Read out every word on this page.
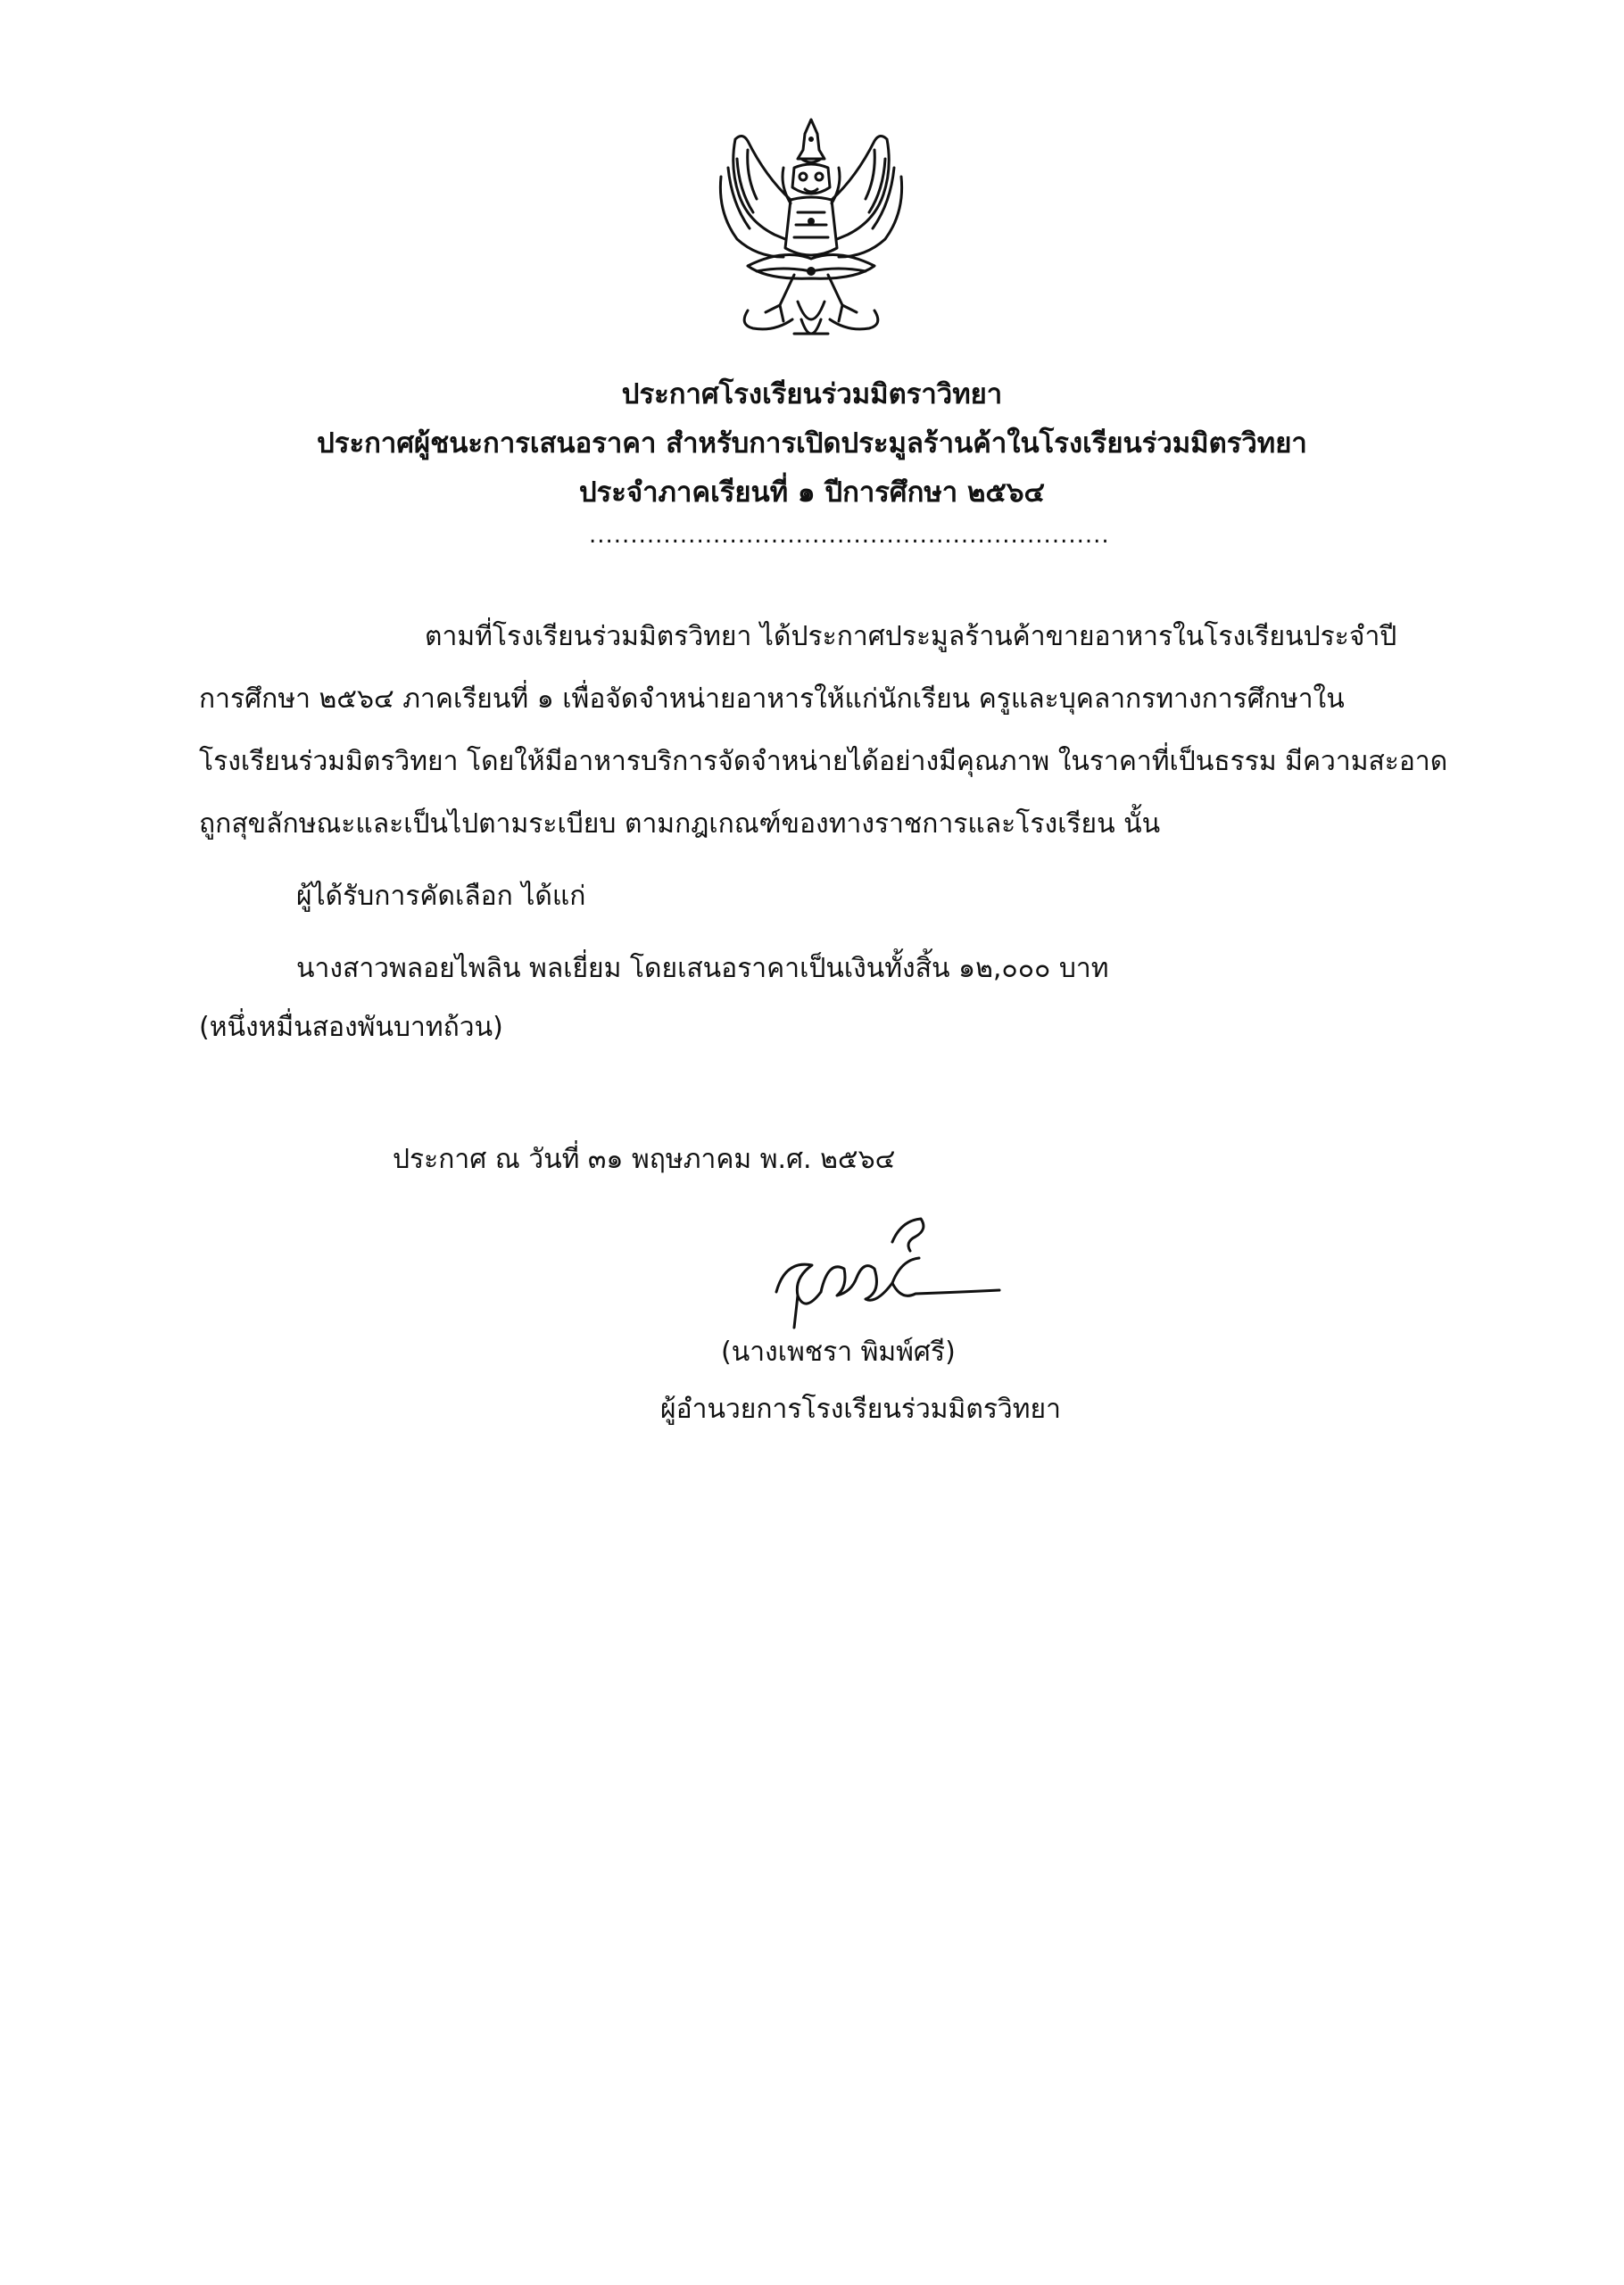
ประกาศโรงเรียนร่วมมิตราวิทยา
ประกาศผู้ชนะการเสนอราคา สำหรับการเปิดประมูลร้านค้าในโรงเรียนร่วมมิตรวิทยา
ประจำภาคเรียนที่ ๑ ปีการศึกษา ๒๕๖๔
...............................................................
ตามที่โรงเรียนร่วมมิตรวิทยา ได้ประกาศประมูลร้านค้าขายอาหารในโรงเรียนประจำปี
การศึกษา ๒๕๖๔ ภาคเรียนที่ ๑ เพื่อจัดจำหน่ายอาหารให้แก่นักเรียน ครูและบุคลากรทางการศึกษาใน
โรงเรียนร่วมมิตรวิทยา โดยให้มีอาหารบริการจัดจำหน่ายได้อย่างมีคุณภาพ ในราคาที่เป็นธรรม มีความสะอาด
ถูกสุขลักษณะและเป็นไปตามระเบียบ ตามกฎเกณฑ์ของทางราชการและโรงเรียน นั้น
ผู้ได้รับการคัดเลือก ได้แก่
นางสาวพลอยไพลิน พลเยี่ยม โดยเสนอราคาเป็นเงินทั้งสิ้น ๑๒,๐๐๐ บาท
(หนึ่งหมื่นสองพันบาทถ้วน)
ประกาศ ณ วันที่ ๓๑ พฤษภาคม พ.ศ. ๒๕๖๔
(นางเพชรา พิมพ์ศรี)
ผู้อำนวยการโรงเรียนร่วมมิตรวิทยา
